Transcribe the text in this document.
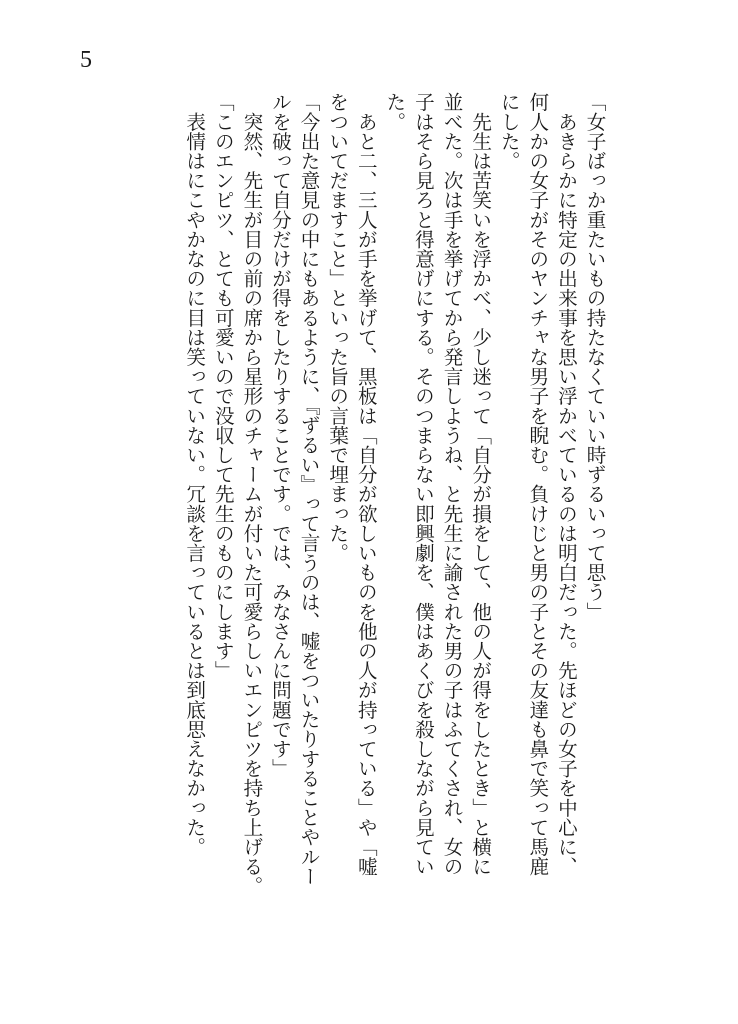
5
「女子ばっか重たいもの持たなくていい時ずるいって思う」
　あきらかに特定の出来事を思い浮かべているのは明白だった。先ほどの女子を中心に、
何人かの女子がそのヤンチャな男子を睨む。負けじと男の子とその友達も鼻で笑って馬鹿
にした。
　先生は苦笑いを浮かべ、少し迷って「自分が損をして、他の人が得をしたとき」と横に
並べた。次は手を挙げてから発言しようね、と先生に諭された男の子はふてくされ、女の
子はそら見ろと得意げにする。そのつまらない即興劇を、僕はあくびを殺しながら見てい
た。
　あと二、三人が手を挙げて、黒板は「自分が欲しいものを他の人が持っている」や「嘘
をついてだますこと」といった旨の言葉で埋まった。
「今出た意見の中にもあるように、『ずるい』って言うのは、嘘をついたりすることやルー
ルを破って自分だけが得をしたりすることです。では、みなさんに問題です」
　突然、先生が目の前の席から星形のチャームが付いた可愛らしいエンピツを持ち上げる。
「このエンピツ、とても可愛いので没収して先生のものにします」
　表情はにこやかなのに目は笑っていない。冗談を言っているとは到底思えなかった。
